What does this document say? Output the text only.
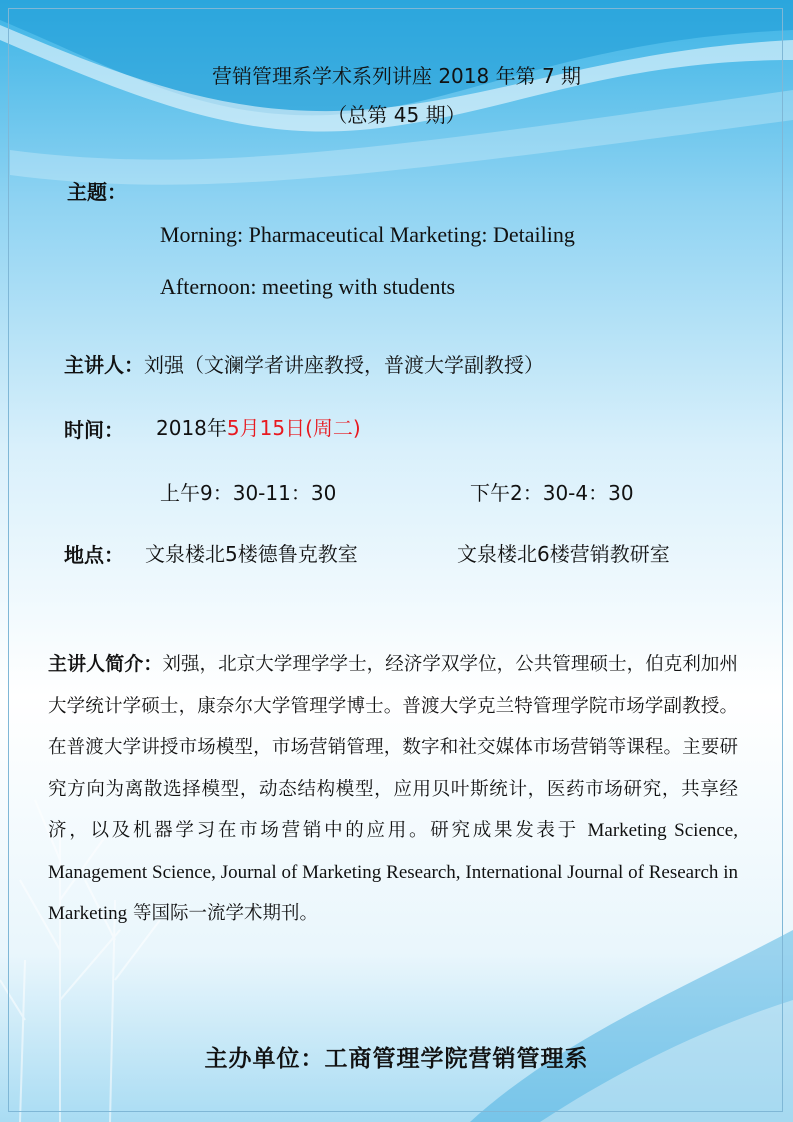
营销管理系学术系列讲座 2018 年第 7 期
（总第 45 期）
主题：
Morning: Pharmaceutical Marketing: Detailing
Afternoon: meeting with students
主讲人：刘强（文澜学者讲座教授，普渡大学副教授）
时间： 2018年5月15日(周二)
上午9：30-11：30	下午2：30-4：30
地点： 文泉楼北5楼德鲁克教室	文泉楼北6楼营销教研室
主讲人简介：刘强，北京大学理学学士，经济学双学位，公共管理硕士，伯克利加州大学统计学硕士，康奈尔大学管理学博士。普渡大学克兰特管理学院市场学副教授。在普渡大学讲授市场模型，市场营销管理，数字和社交媒体市场营销等课程。主要研究方向为离散选择模型，动态结构模型，应用贝叶斯统计，医药市场研究，共享经济，以及机器学习在市场营销中的应用。研究成果发表于 Marketing Science, Management Science, Journal of Marketing Research, International Journal of Research in Marketing 等国际一流学术期刊。
主办单位：工商管理学院营销管理系
